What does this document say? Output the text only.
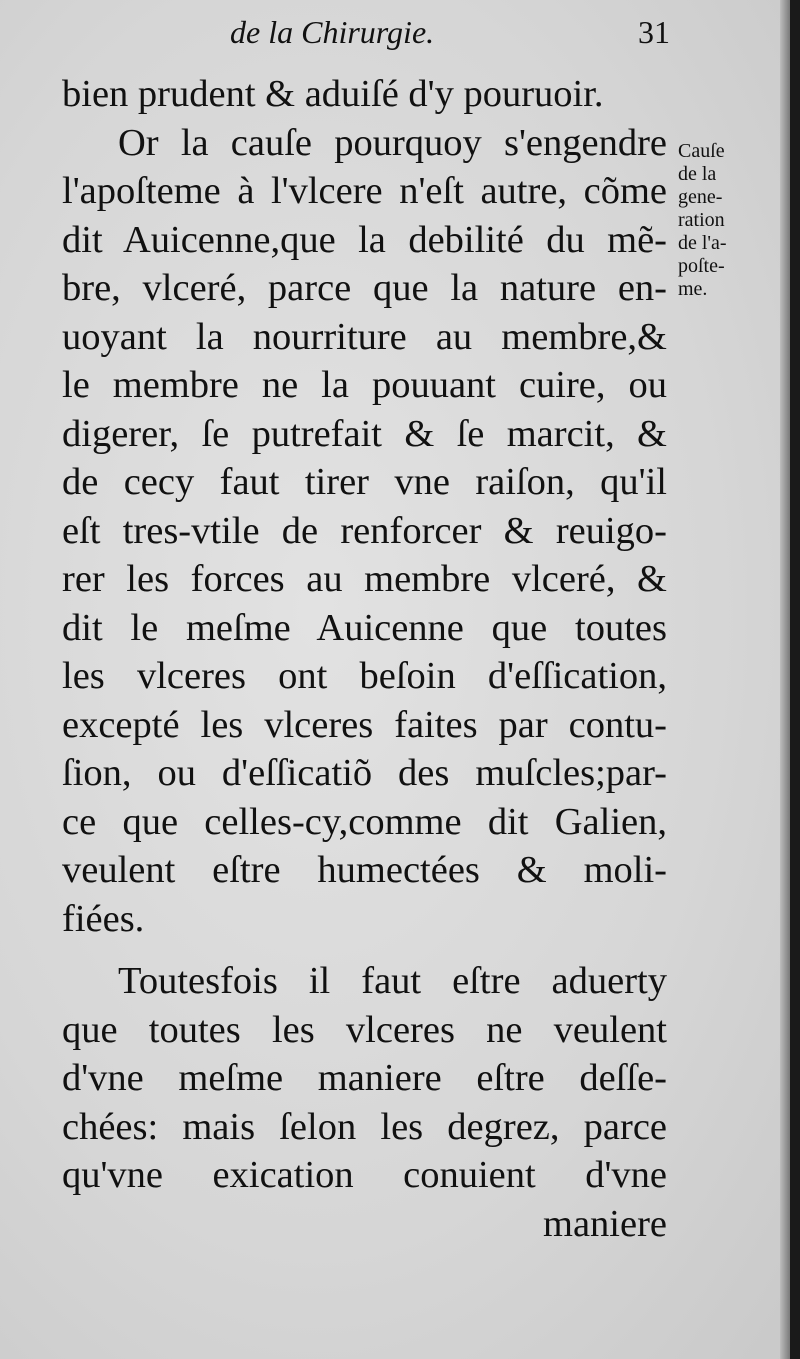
de la Chirurgie.	31
bien prudent & aduiſé d'y pouruoir.
Or la cauſe pourquoy s'engendre
l'apoſteme à l'vlcere n'eſt autre, cõme
dit Auicenne,que la debilité du mẽ-
bre, vlceré, parce que la nature en-
uoyant la nourriture au membre,&
le membre ne la pouuant cuire, ou
digerer, ſe putrefait & ſe marcit, &
de cecy faut tirer vne raiſon, qu'il
eſt tres-vtile de renforcer & reuigo-
rer les forces au membre vlceré, &
dit le meſme Auicenne que toutes
les vlceres ont beſoin d'eſſication,
excepté les vlceres faites par contu-
ſion, ou d'eſſicatiõ des muſcles;par-
ce que celles-cy,comme dit Galien,
veulent eſtre humectées & moli-
fiées.
Toutesfois il faut eſtre aduerty
que toutes les vlceres ne veulent
d'vne meſme maniere eſtre deſſe-
chées: mais ſelon les degrez, parce
qu'vne exication conuient d'vne
maniere
Cauſe
de la
gene-
ration
de l'a-
poſte-
me.
